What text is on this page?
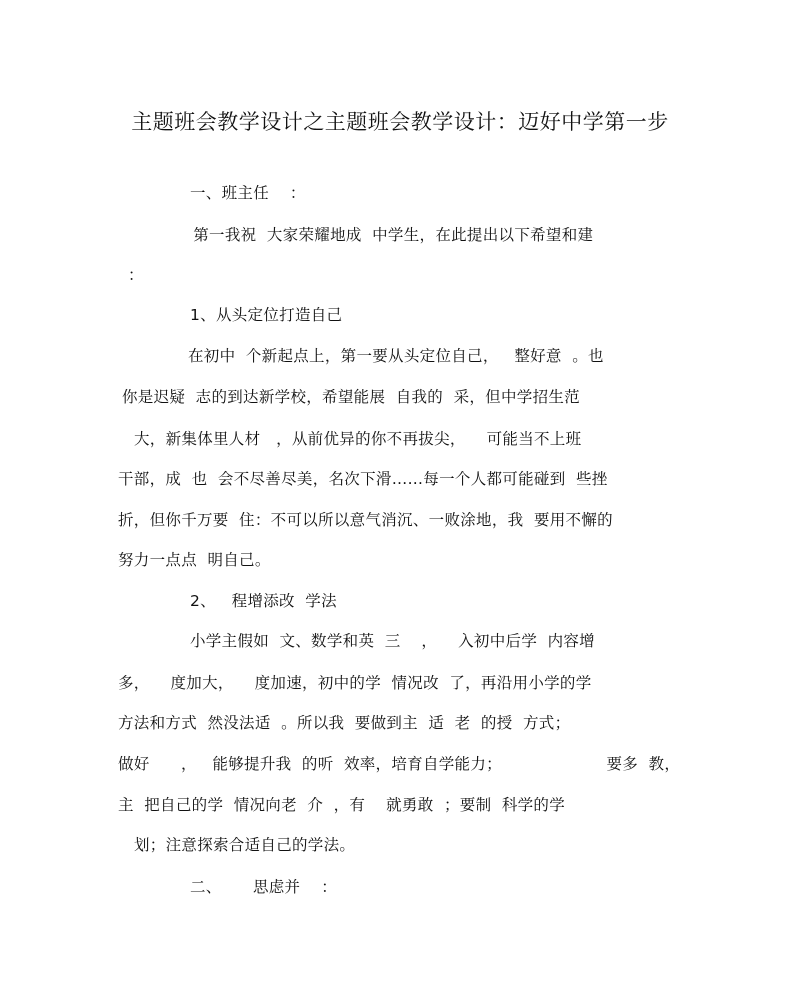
主题班会教学设计之主题班会教学设计：迈好中学第一步
一、班主任    ：
第一我祝  大家荣耀地成  中学生，在此提出以下希望和建
：
1、从头定位打造自己
在初中  个新起点上，第一要从头定位自己，   整好意  。也
你是迟疑  志的到达新学校，希望能展  自我的  采，但中学招生范
大，新集体里人材   ，从前优异的你不再拔尖，    可能当不上班
干部，成  也  会不尽善尽美，名次下滑……每一个人都可能碰到  些挫
折，但你千万要  住：不可以所以意气消沉、一败涂地，我  要用不懈的
努力一点点  明自己。
2、   程增添改  学法
小学主假如  文、数学和英  三    ，    入初中后学  内容增
多，    度加大，    度加速，初中的学  情况改  了，再沿用小学的学
方法和方式  然没法适  。所以我  要做到主  适  老  的授  方式；
做好      ，   能够提升我  的听  效率，培育自学能力；                    要多  教，
主  把自己的学  情况向老  介  ，有    就勇敢  ；要制  科学的学
划；注意探索合适自己的学法。
二、      思虑并    ：
